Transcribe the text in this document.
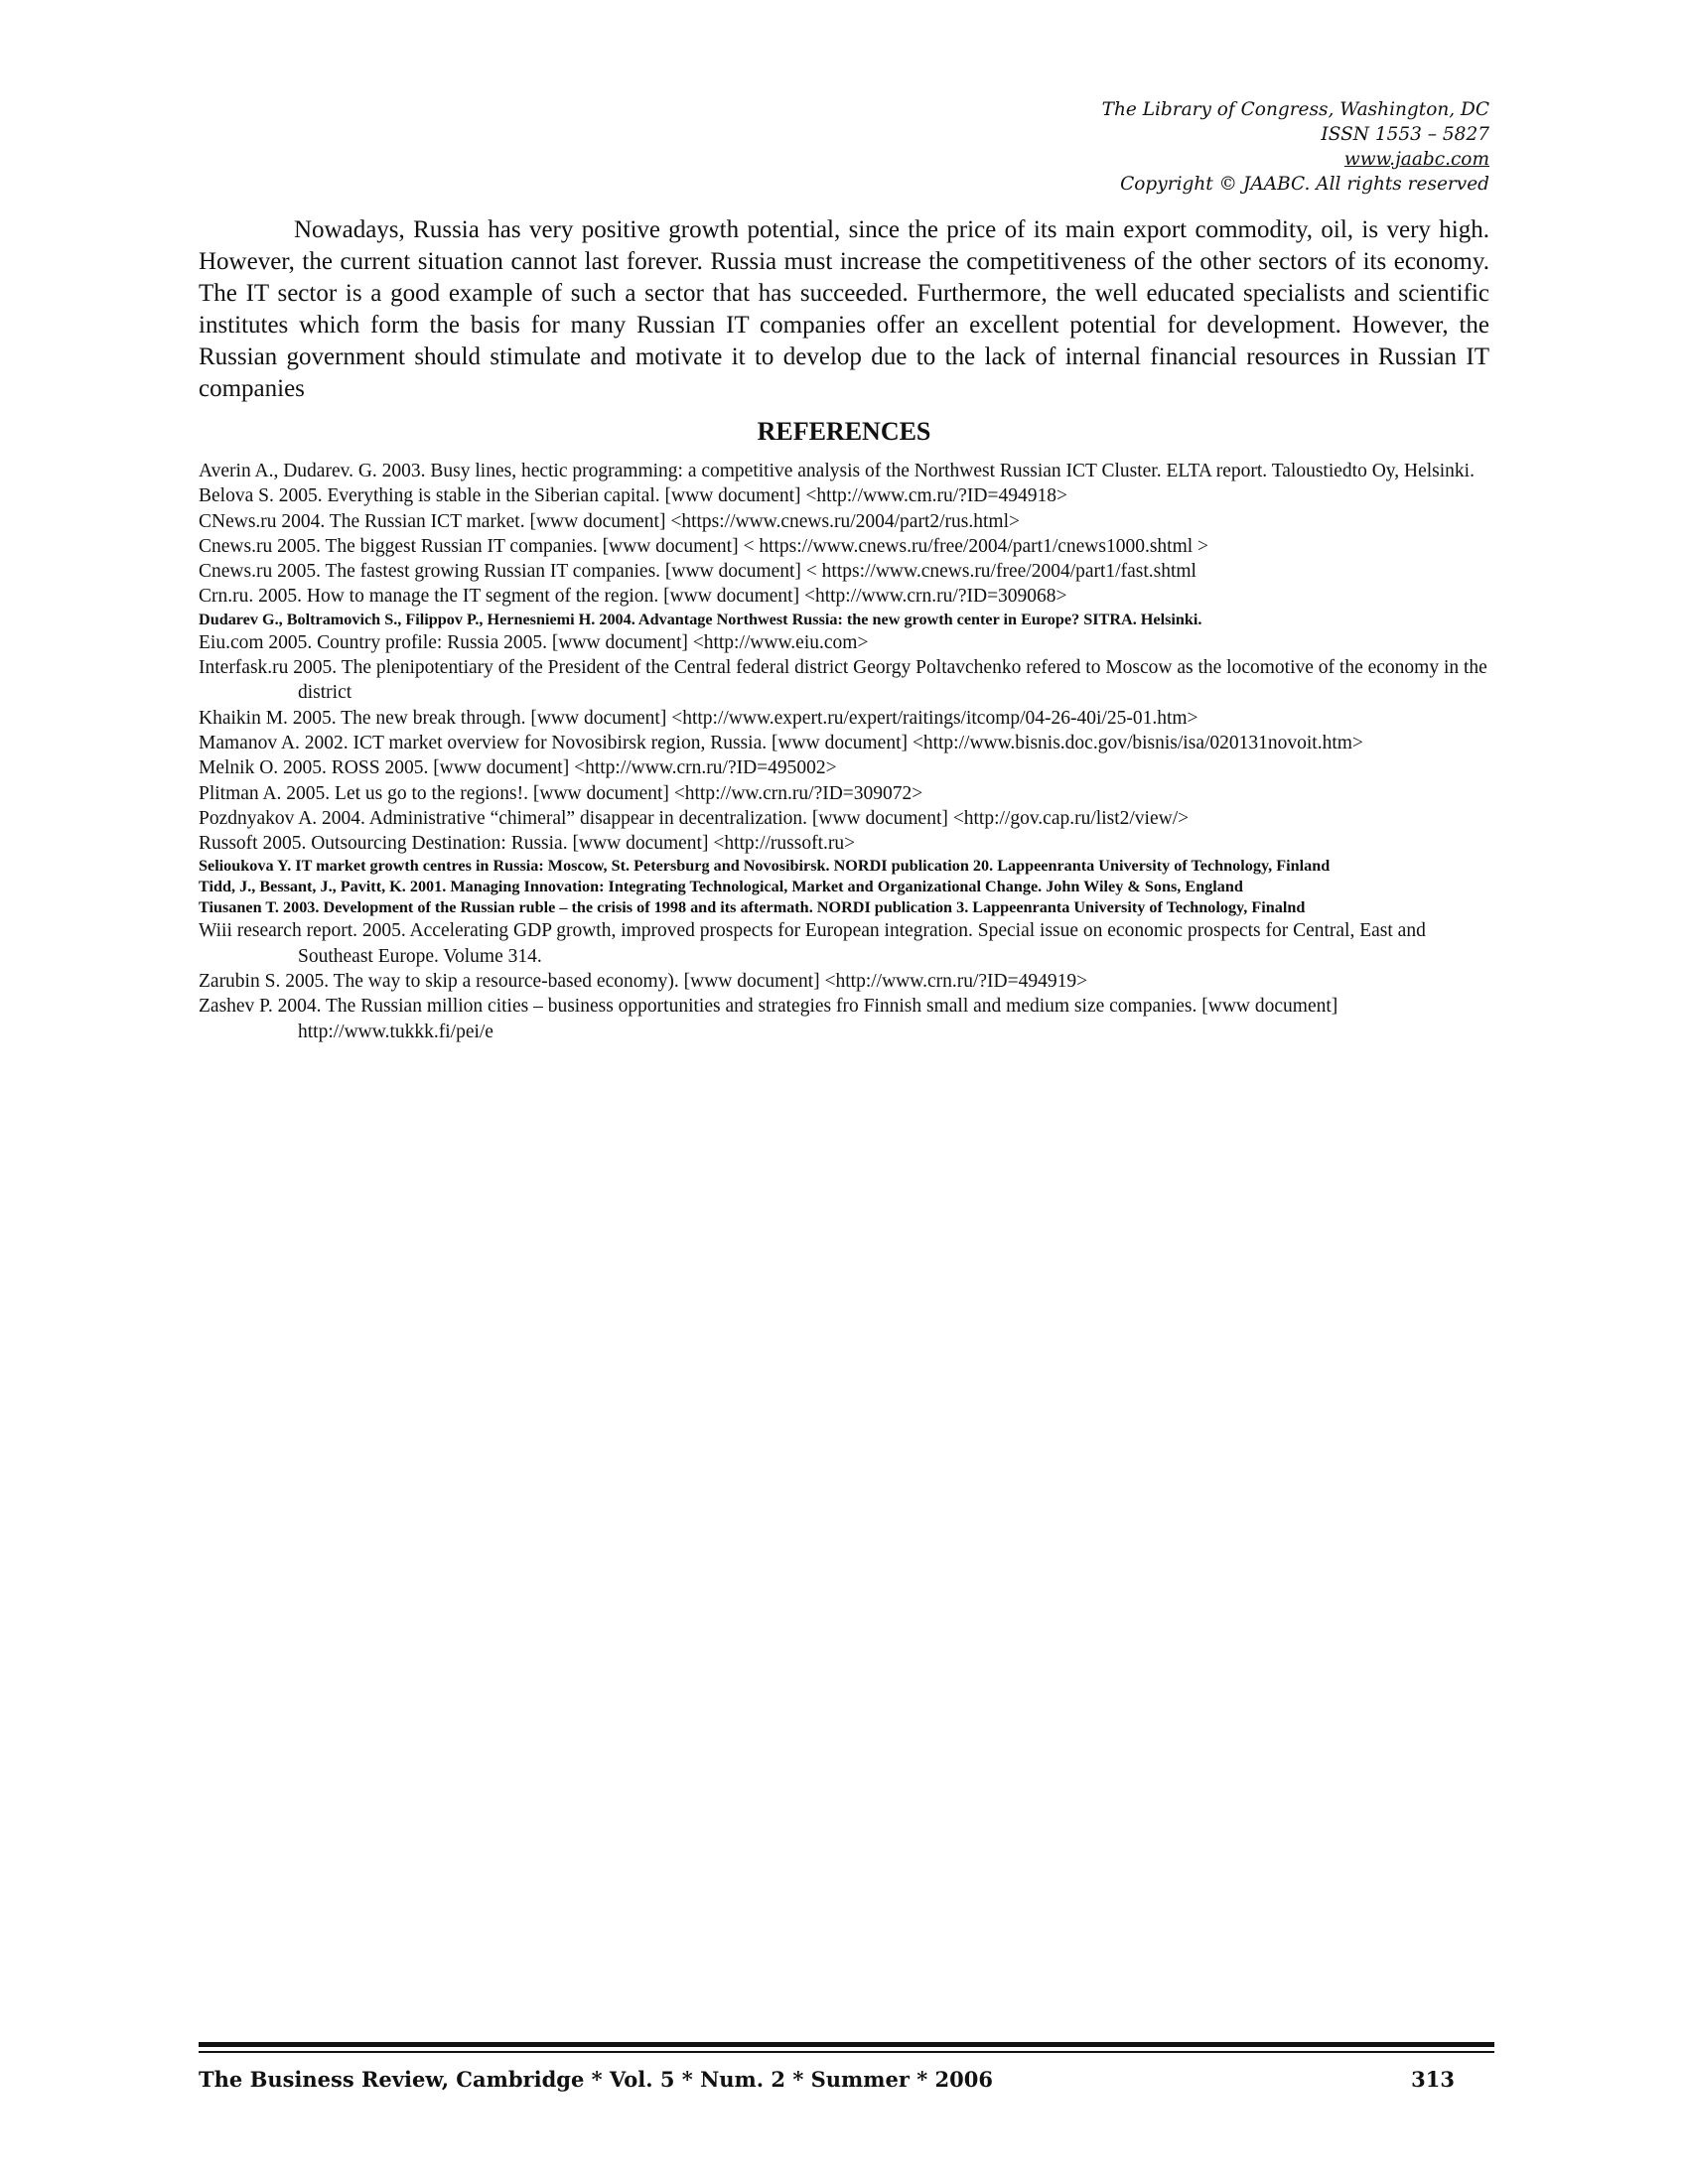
The Library of Congress, Washington, DC
ISSN 1553 – 5827
www.jaabc.com
Copyright © JAABC. All rights reserved

Nowadays, Russia has very positive growth potential, since the price of its main export commodity, oil, is very high. However, the current situation cannot last forever. Russia must increase the competitiveness of the other sectors of its economy. The IT sector is a good example of such a sector that has succeeded. Furthermore, the well educated specialists and scientific institutes which form the basis for many Russian IT companies offer an excellent potential for development. However, the Russian government should stimulate and motivate it to develop due to the lack of internal financial resources in Russian IT companies

REFERENCES
Averin A., Dudarev. G. 2003. Busy lines, hectic programming: a competitive analysis of the Northwest Russian ICT Cluster. ELTA report. Taloustiedto Oy, Helsinki.
Belova S. 2005. Everything is stable in the Siberian capital. [www document] <http://www.cm.ru/?ID=494918>
CNews.ru 2004. The Russian ICT market. [www document] <https://www.cnews.ru/2004/part2/rus.html>
Cnews.ru 2005. The biggest Russian IT companies. [www document] < https://www.cnews.ru/free/2004/part1/cnews1000.shtml >
Cnews.ru 2005. The fastest growing Russian IT companies. [www document] < https://www.cnews.ru/free/2004/part1/fast.shtml
Crn.ru. 2005. How to manage the IT segment of the region. [www document] <http://www.crn.ru/?ID=309068>
Dudarev G., Boltramovich S., Filippov P., Hernesniemi H. 2004. Advantage Northwest Russia: the new growth center in Europe? SITRA. Helsinki.
Eiu.com 2005. Country profile: Russia 2005. [www document] <http://www.eiu.com>
Interfask.ru 2005. The plenipotentiary of the President of the Central federal district Georgy Poltavchenko refered to Moscow as the locomotive of the economy in the district
Khaikin M. 2005. The new break through. [www document] <http://www.expert.ru/expert/raitings/itcomp/04-26-40i/25-01.htm>
Mamanov A. 2002. ICT market overview for Novosibirsk region, Russia. [www document] <http://www.bisnis.doc.gov/bisnis/isa/020131novoit.htm>
Melnik O. 2005. ROSS 2005. [www document] <http://www.crn.ru/?ID=495002>
Plitman A. 2005. Let us go to the regions!. [www document] <http://ww.crn.ru/?ID=309072>
Pozdnyakov A. 2004. Administrative “chimeral” disappear in decentralization. [www document] <http://gov.cap.ru/list2/view/>
Russoft 2005. Outsourcing Destination: Russia. [www document] <http://russoft.ru>
Selioukova Y. IT market growth centres in Russia: Moscow, St. Petersburg and Novosibirsk. NORDI publication 20. Lappeenranta University of Technology, Finland
Tidd, J., Bessant, J., Pavitt, K. 2001. Managing Innovation: Integrating Technological, Market and Organizational Change. John Wiley & Sons, England
Tiusanen T. 2003. Development of the Russian ruble – the crisis of 1998 and its aftermath. NORDI publication 3. Lappeenranta University of Technology, Finalnd
Wiii research report. 2005. Accelerating GDP growth, improved prospects for European integration. Special issue on economic prospects for Central, East and Southeast Europe. Volume 314.
Zarubin S. 2005. The way to skip a resource-based economy). [www document] <http://www.crn.ru/?ID=494919>
Zashev P. 2004. The Russian million cities – business opportunities and strategies fro Finnish small and medium size companies. [www document] http://www.tukkk.fi/pei/e
The Business Review, Cambridge * Vol. 5 * Num. 2 * Summer * 2006	313
